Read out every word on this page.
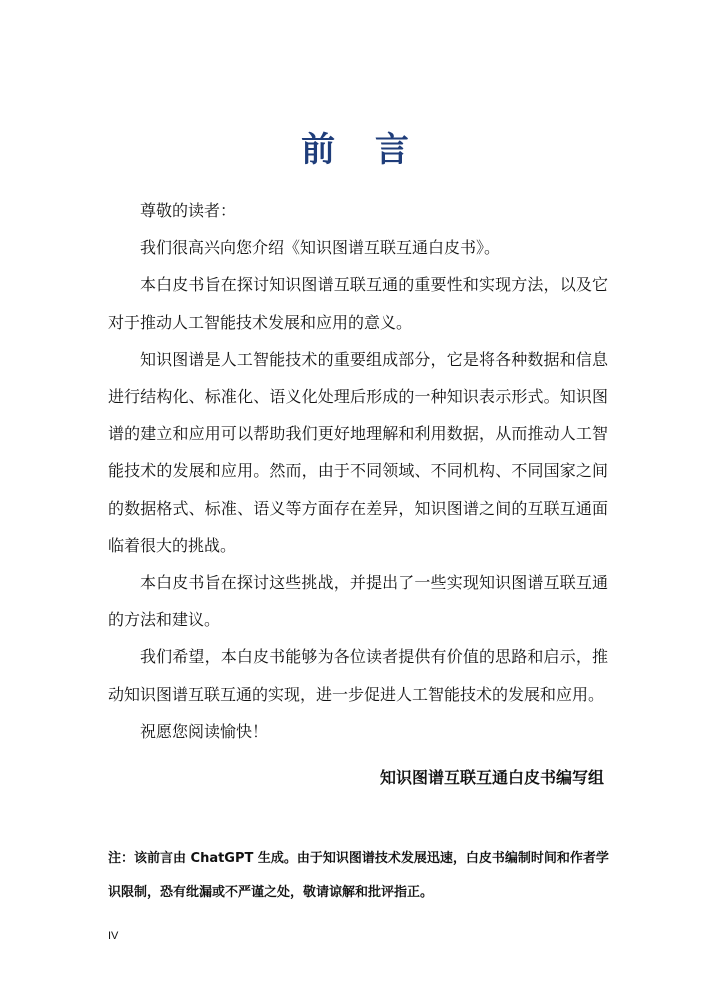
前 言

尊敬的读者：

我们很高兴向您介绍《知识图谱互联互通白皮书》。

本白皮书旨在探讨知识图谱互联互通的重要性和实现方法，以及它对于推动人工智能技术发展和应用的意义。

知识图谱是人工智能技术的重要组成部分，它是将各种数据和信息进行结构化、标准化、语义化处理后形成的一种知识表示形式。知识图谱的建立和应用可以帮助我们更好地理解和利用数据，从而推动人工智能技术的发展和应用。然而，由于不同领域、不同机构、不同国家之间的数据格式、标准、语义等方面存在差异，知识图谱之间的互联互通面临着很大的挑战。

本白皮书旨在探讨这些挑战，并提出了一些实现知识图谱互联互通的方法和建议。

我们希望，本白皮书能够为各位读者提供有价值的思路和启示，推动知识图谱互联互通的实现，进一步促进人工智能技术的发展和应用。

祝愿您阅读愉快！

知识图谱互联互通白皮书编写组

注：该前言由 ChatGPT 生成。由于知识图谱技术发展迅速，白皮书编制时间和作者学识限制，恐有纰漏或不严谨之处，敬请谅解和批评指正。

IV
